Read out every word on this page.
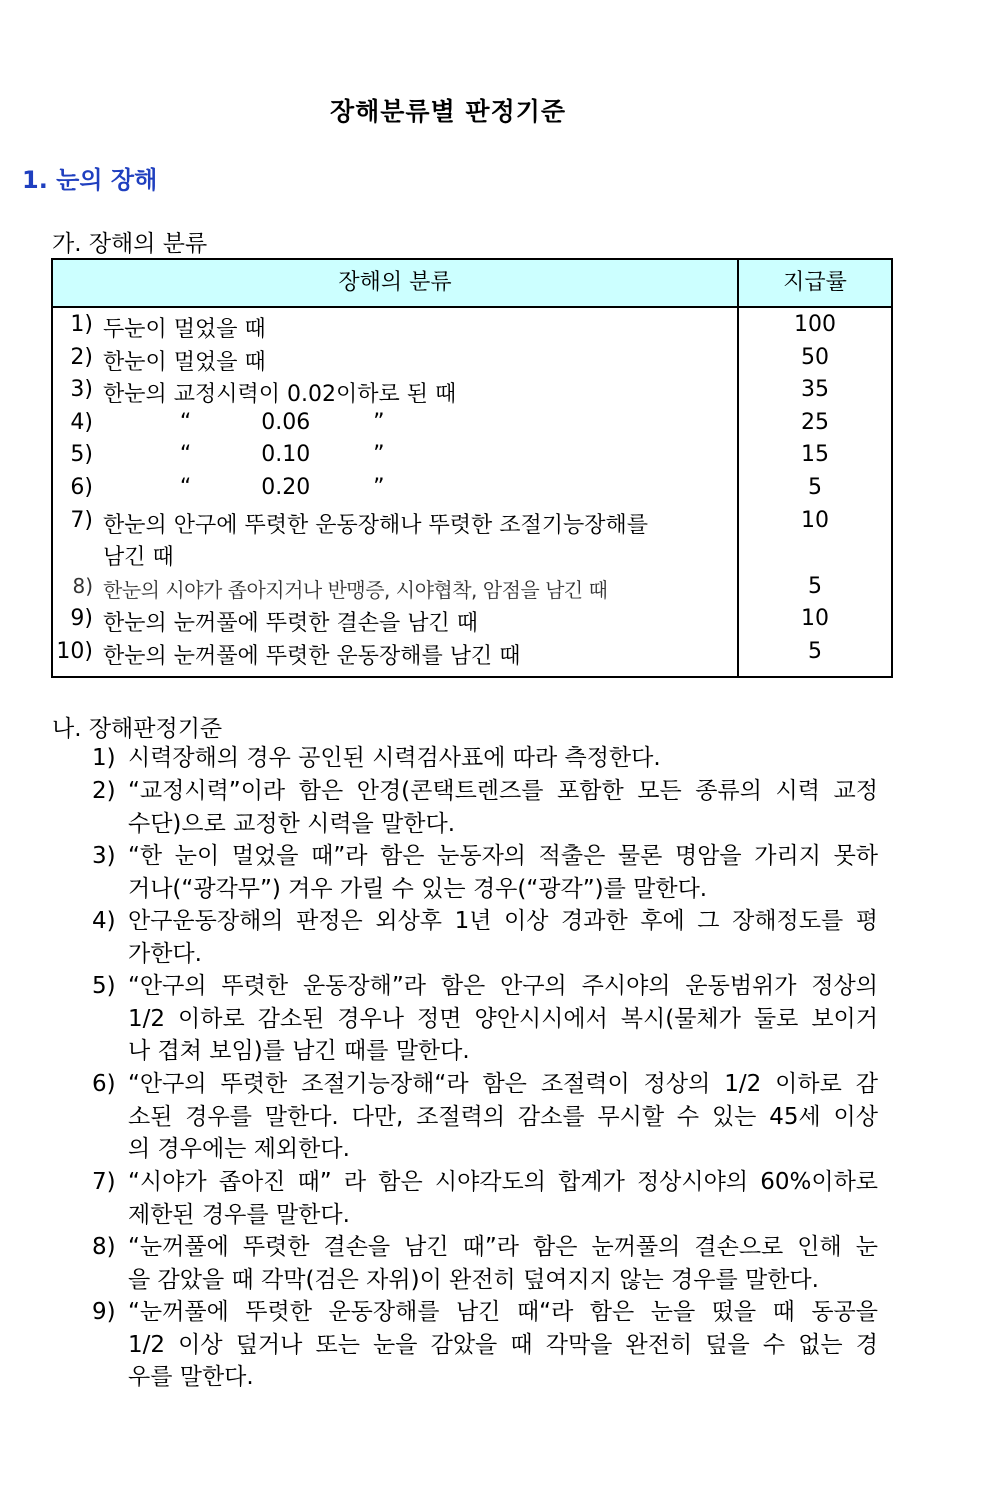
장해분류별 판정기준
1. 눈의 장해
가. 장해의 분류
장해의 분류	지급률
1) 두눈이 멀었을 때	100
2) 한눈이 멀었을 때	50
3) 한눈의 교정시력이 0.02이하로 된 때	35
4) “          0.06         ”	25
5) “          0.10         ”	15
6) “          0.20         ”	5
7) 한눈의 안구에 뚜렷한 운동장해나 뚜렷한 조절기능장해를	10
남긴 때
8) 한눈의 시야가 좁아지거나 반맹증, 시야협착, 암점을 남긴 때	5
9) 한눈의 눈꺼풀에 뚜렷한 결손을 남긴 때	10
10) 한눈의 눈꺼풀에 뚜렷한 운동장해를 남긴 때	5
나. 장해판정기준
1) 시력장해의 경우 공인된 시력검사표에 따라 측정한다.
2) “교정시력”이라 함은 안경(콘택트렌즈를 포함한 모든 종류의 시력 교정
수단)으로 교정한 시력을 말한다.
3) “한 눈이 멀었을 때”라 함은 눈동자의 적출은 물론 명암을 가리지 못하
거나(“광각무”) 겨우 가릴 수 있는 경우(“광각”)를 말한다.
4) 안구운동장해의 판정은 외상후 1년 이상 경과한 후에 그 장해정도를 평
가한다.
5) “안구의 뚜렷한 운동장해”라 함은 안구의 주시야의 운동범위가 정상의
1/2 이하로 감소된 경우나 정면 양안시시에서 복시(물체가 둘로 보이거
나 겹쳐 보임)를 남긴 때를 말한다.
6) “안구의 뚜렷한 조절기능장해“라 함은 조절력이 정상의 1/2 이하로 감
소된 경우를 말한다. 다만, 조절력의 감소를 무시할 수 있는 45세 이상
의 경우에는 제외한다.
7) “시야가 좁아진 때” 라 함은 시야각도의 합계가 정상시야의 60%이하로
제한된 경우를 말한다.
8) “눈꺼풀에 뚜렷한 결손을 남긴 때”라 함은 눈꺼풀의 결손으로 인해 눈
을 감았을 때 각막(검은 자위)이 완전히 덮여지지 않는 경우를 말한다.
9) “눈꺼풀에 뚜렷한 운동장해를 남긴 때“라 함은 눈을 떴을 때 동공을
1/2 이상 덮거나 또는 눈을 감았을 때 각막을 완전히 덮을 수 없는 경
우를 말한다.
